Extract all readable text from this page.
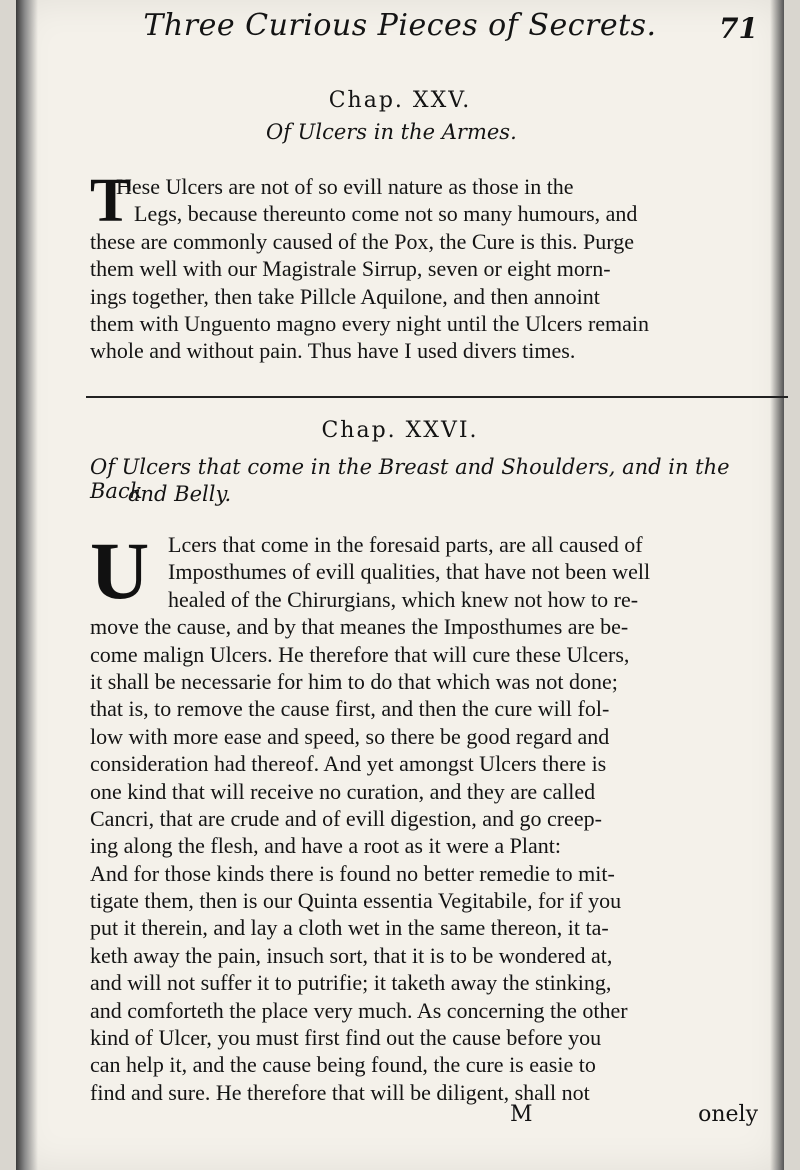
Three Curious Pieces of Secrets.	71
Chap. XXV.
Of Ulcers in the Armes.
T
Hese Ulcers are not of so evill nature as those in the
Legs, because thereunto come not so many humours, and
these are commonly caused of the Pox, the Cure is this. Purge
them well with our Magistrale Sirrup, seven or eight morn-
ings together, then take Pillcle Aquilone, and then annoint
them with Unguento magno every night until the Ulcers remain
whole and without pain. Thus have I used divers times.
Chap. XXVI.
Of Ulcers that come in the Breast and Shoulders, and in the Back
and Belly.
U Lcers that come in the foresaid parts, are all caused of
Imposthumes of evill qualities, that have not been well
healed of the Chirurgians, which knew not how to re-
move the cause, and by that meanes the Imposthumes are be-
come malign Ulcers. He therefore that will cure these Ulcers,
it shall be necessarie for him to do that which was not done;
that is, to remove the cause first, and then the cure will fol-
low with more ease and speed, so there be good regard and
consideration had thereof. And yet amongst Ulcers there is
one kind that will receive no curation, and they are called
Cancri, that are crude and of evill digestion, and go creep-
ing along the flesh, and have a root as it were a Plant:
And for those kinds there is found no better remedie to mit-
tigate them, then is our Quinta essentia Vegitabile, for if you
put it therein, and lay a cloth wet in the same thereon, it ta-
keth away the pain, insuch sort, that it is to be wondered at,
and will not suffer it to putrifie; it taketh away the stinking,
and comforteth the place very much. As concerning the other
kind of Ulcer, you must first find out the cause before you
can help it, and the cause being found, the cure is easie to
find and sure. He therefore that will be diligent, shall not
M	onely
